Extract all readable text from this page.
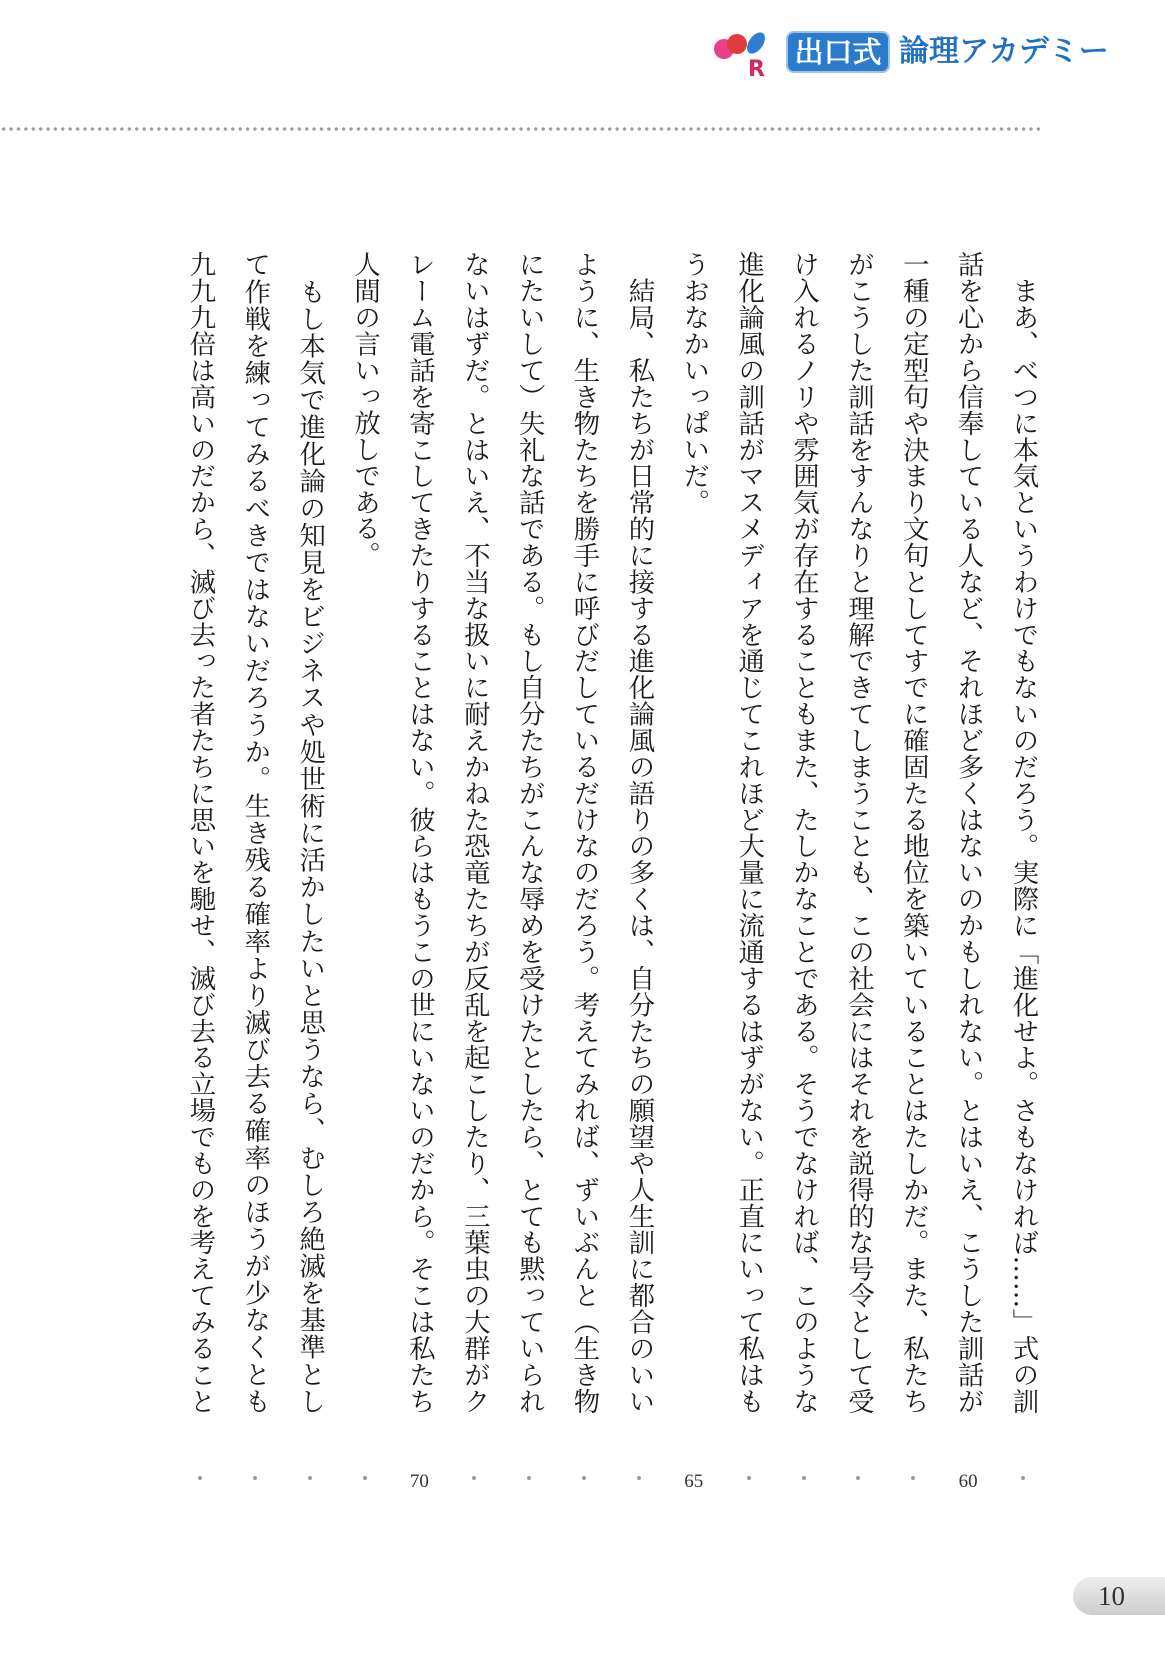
R
出口式 論理アカデミー
　まあ、べつに本気というわけでもないのだろう。実際に「進化せよ。さもなければ……」式の訓
話を心から信奉している人など、それほど多くはないのかもしれない。とはいえ、こうした訓話が
一種の定型句や決まり文句としてすでに確固たる地位を築いていることはたしかだ。また、私たち
がこうした訓話をすんなりと理解できてしまうことも、この社会にはそれを説得的な号令として受
け入れるノリや雰囲気が存在することもまた、たしかなことである。そうでなければ、このような
進化論風の訓話がマスメディアを通じてこれほど大量に流通するはずがない。正直にいって私はも
うおなかいっぱいだ。
　結局、私たちが日常的に接する進化論風の語りの多くは、自分たちの願望や人生訓に都合のいい
ように、生き物たちを勝手に呼びだしているだけなのだろう。考えてみれば、ずいぶんと（生き物
にたいして）失礼な話である。もし自分たちがこんな辱めを受けたとしたら、とても黙っていられ
ないはずだ。とはいえ、不当な扱いに耐えかねた恐竜たちが反乱を起こしたり、三葉虫の大群がク
レーム電話を寄こしてきたりすることはない。彼らはもうこの世にいないのだから。そこは私たち
人間の言いっ放しである。
　もし本気で進化論の知見をビジネスや処世術に活かしたいと思うなら、むしろ絶滅を基準とし
て作戦を練ってみるべきではないだろうか。生き残る確率より滅び去る確率のほうが少なくとも
九九九倍は高いのだから、滅び去った者たちに思いを馳せ、滅び去る立場でものを考えてみること
60
65
70
10
